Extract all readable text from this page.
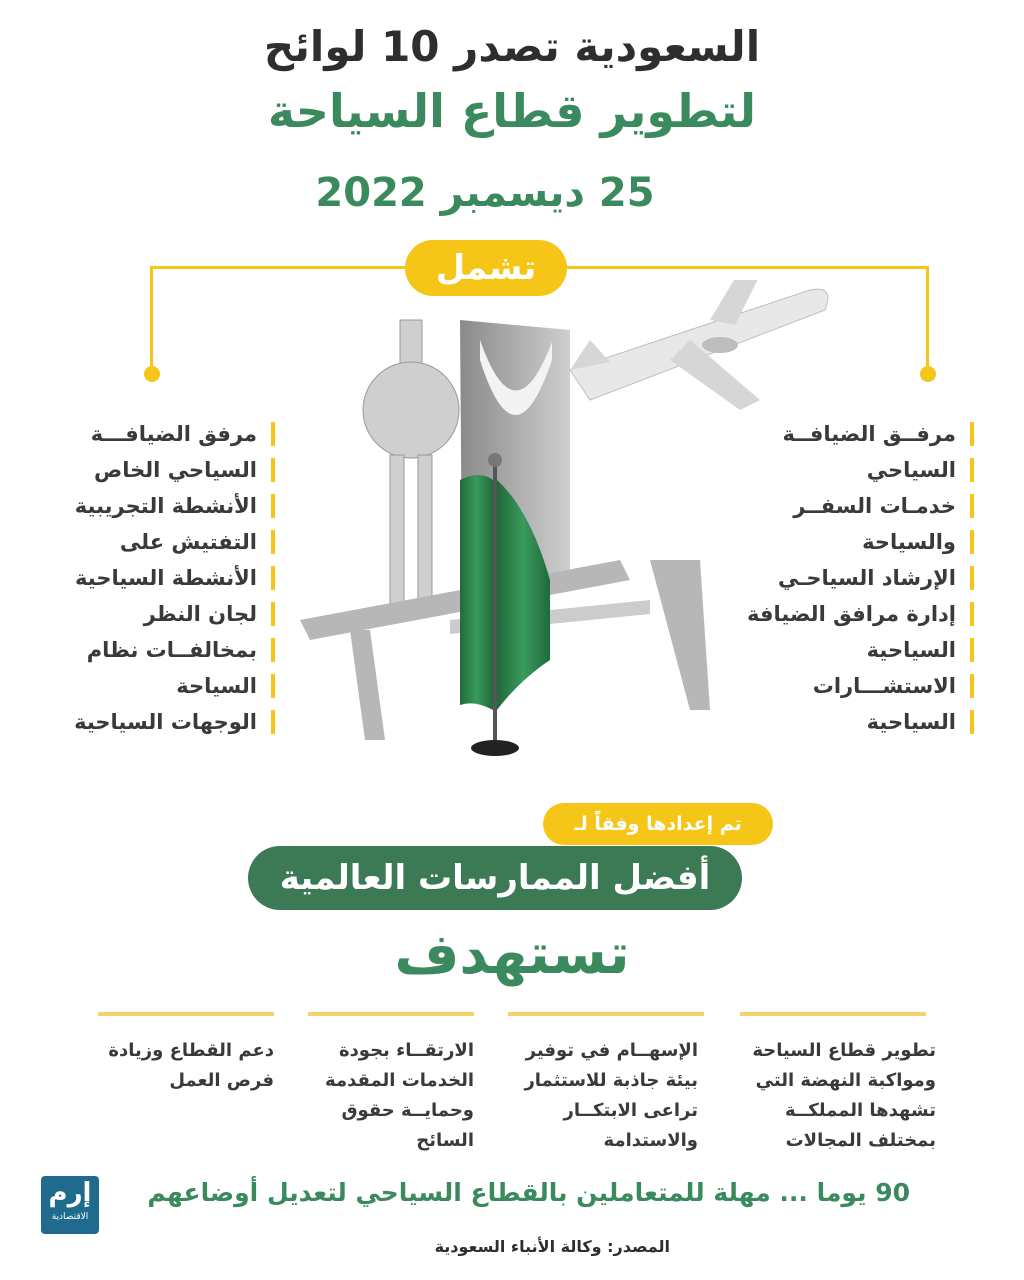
السعودية تصدر 10 لوائح
لتطوير قطاع السياحة
25 ديسمبر 2022
تشمل
مرفــق الضيافــة
السياحي
خدمـات السفــر
والسياحة
الإرشاد السياحـي
إدارة مرافق الضيافة
السياحية
الاستشـــارات
السياحية
مرفق الضيافـــة
السياحي الخاص
الأنشطة التجريبية
التفتيش على
الأنشطة السياحية
لجان النظر
بمخالفــات نظام
السياحة
الوجهات السياحية
تم إعدادها وفقاً لـ
أفضل الممارسات العالمية
تستهدف
تطوير قطاع السياحة ومواكبة النهضة التي تشهدها المملكــة بمختلف المجالات
الإسهــام في توفير بيئة جاذبة للاستثمار تراعى الابتكــار والاستدامة
الارتقــاء بجودة الخدمات المقدمة وحمايــة حقوق السائح
دعم القطاع وزيادة فرص العمل
90 يوما ... مهلة للمتعاملين بالقطاع السياحي لتعديل أوضاعهم
إرم
الاقتصادية
المصدر: وكالة الأنباء السعودية
